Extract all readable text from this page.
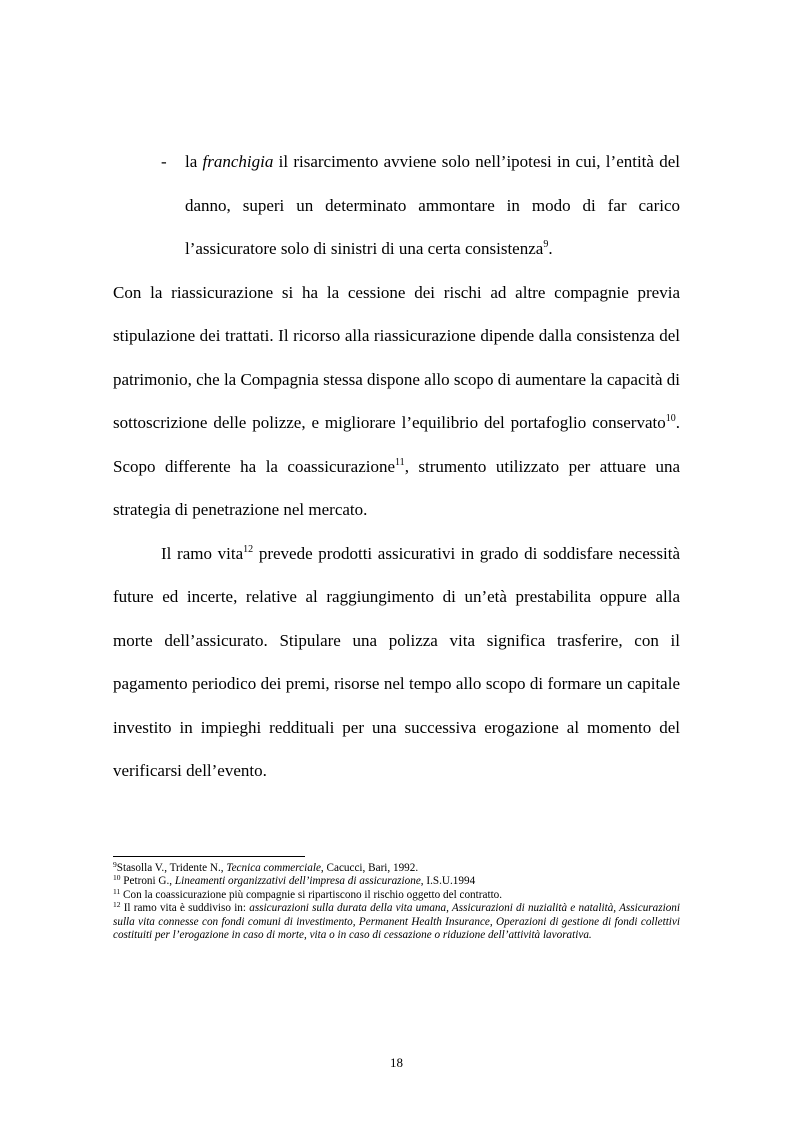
- la franchigia il risarcimento avviene solo nell’ipotesi in cui, l’entità del danno, superi un determinato ammontare in modo di far carico l’assicuratore solo di sinistri di una certa consistenza$^9$.

Con la riassicurazione si ha la cessione dei rischi ad altre compagnie previa stipulazione dei trattati. Il ricorso alla riassicurazione dipende dalla consistenza del patrimonio, che la Compagnia stessa dispone allo scopo di aumentare la capacità di sottoscrizione delle polizze, e migliorare l’equilibrio del portafoglio conservato$^{10}$. Scopo differente ha la coassicurazione$^{11}$, strumento utilizzato per attuare una strategia di penetrazione nel mercato.

Il ramo vita$^{12}$ prevede prodotti assicurativi in grado di soddisfare necessità future ed incerte, relative al raggiungimento di un’età prestabilita oppure alla morte dell’assicurato. Stipulare una polizza vita significa trasferire, con il pagamento periodico dei premi, risorse nel tempo allo scopo di formare un capitale investito in impieghi reddituali per una successiva erogazione al momento del verificarsi dell’evento.

$^9$Stasolla V., Tridente N., Tecnica commerciale, Cacucci, Bari, 1992.

$^{10}$ Petroni G., Lineamenti organizzativi dell’impresa di assicurazione, I.S.U.1994

$^{11}$ Con la coassicurazione più compagnie si ripartiscono il rischio oggetto del contratto.

$^{12}$ Il ramo vita è suddiviso in: assicurazioni sulla durata della vita umana, Assicurazioni di nuzialità e natalità, Assicurazioni sulla vita connesse con fondi comuni di investimento, Permanent Health Insurance, Operazioni di gestione di fondi collettivi costituiti per l’erogazione in caso di morte, vita o in caso di cessazione o riduzione dell’attività lavorativa.

18
